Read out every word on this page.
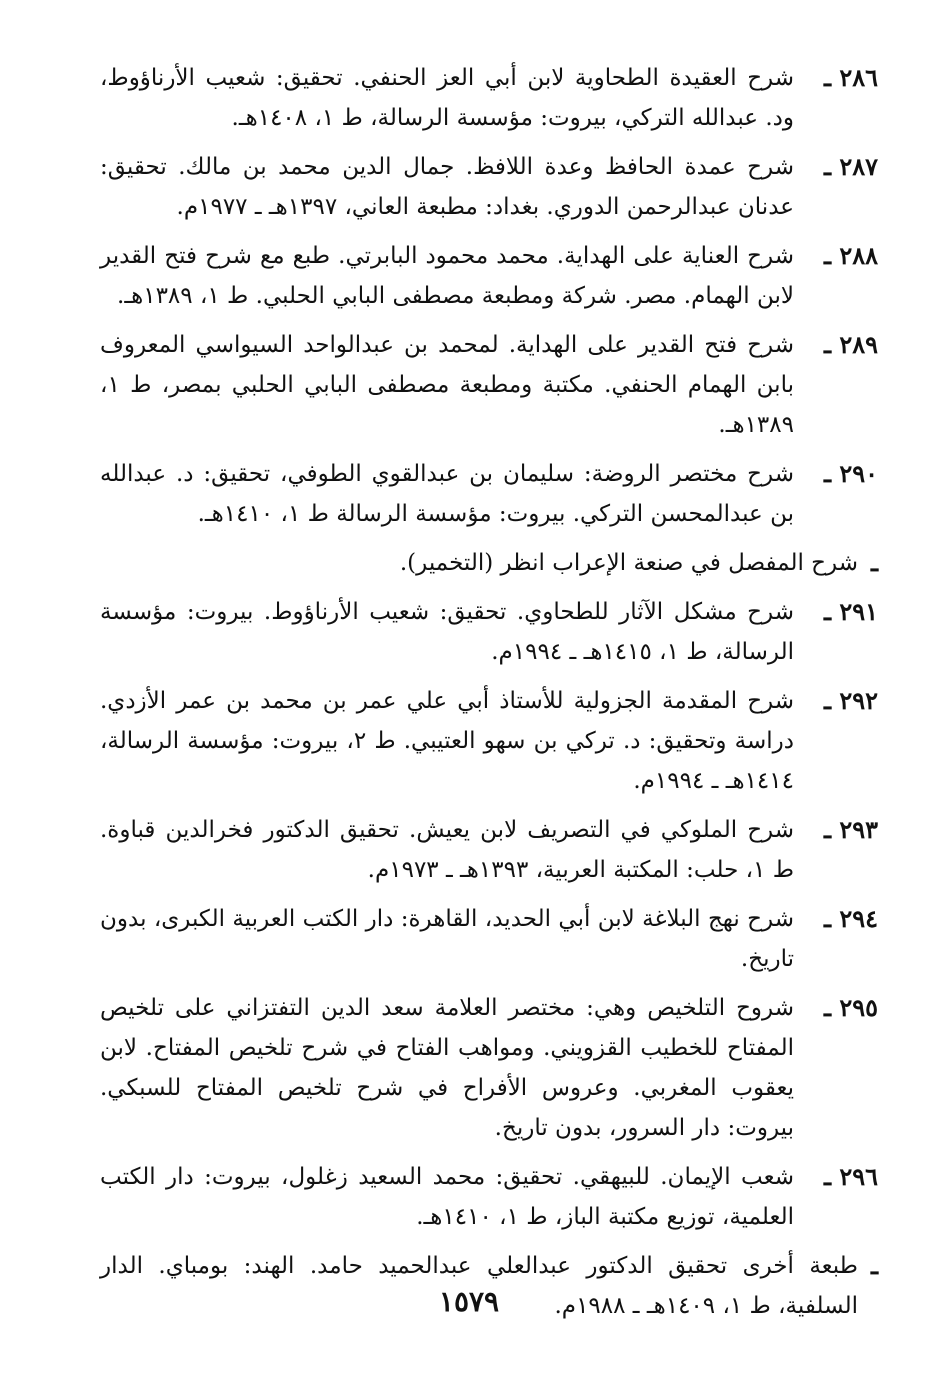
٢٨٦ ـ
شرح العقيدة الطحاوية لابن أبي العز الحنفي. تحقيق: شعيب الأرناؤوط، ود. عبدالله التركي، بيروت: مؤسسة الرسالة، ط ١، ١٤٠٨هـ.
٢٨٧ ـ
شرح عمدة الحافظ وعدة اللافظ. جمال الدين محمد بن مالك. تحقيق: عدنان عبدالرحمن الدوري. بغداد: مطبعة العاني، ١٣٩٧هـ ـ ١٩٧٧م.
٢٨٨ ـ
شرح العناية على الهداية. محمد محمود البابرتي. طبع مع شرح فتح القدير لابن الهمام. مصر. شركة ومطبعة مصطفى البابي الحلبي. ط ١، ١٣٨٩هـ.
٢٨٩ ـ
شرح فتح القدير على الهداية. لمحمد بن عبدالواحد السيواسي المعروف بابن الهمام الحنفي. مكتبة ومطبعة مصطفى البابي الحلبي بمصر، ط ١، ١٣٨٩هـ.
٢٩٠ ـ
شرح مختصر الروضة: سليمان بن عبدالقوي الطوفي، تحقيق: د. عبدالله بن عبدالمحسن التركي. بيروت: مؤسسة الرسالة ط ١، ١٤١٠هـ.
ـ
شرح المفصل في صنعة الإعراب انظر (التخمير).
٢٩١ ـ
شرح مشكل الآثار للطحاوي. تحقيق: شعيب الأرناؤوط. بيروت: مؤسسة الرسالة، ط ١، ١٤١٥هـ ـ ١٩٩٤م.
٢٩٢ ـ
شرح المقدمة الجزولية للأستاذ أبي علي عمر بن محمد بن عمر الأزدي. دراسة وتحقيق: د. تركي بن سهو العتيبي. ط ٢، بيروت: مؤسسة الرسالة، ١٤١٤هـ ـ ١٩٩٤م.
٢٩٣ ـ
شرح الملوكي في التصريف لابن يعيش. تحقيق الدكتور فخرالدين قباوة. ط ١، حلب: المكتبة العربية، ١٣٩٣هـ ـ ١٩٧٣م.
٢٩٤ ـ
شرح نهج البلاغة لابن أبي الحديد، القاهرة: دار الكتب العربية الكبرى، بدون تاريخ.
٢٩٥ ـ
شروح التلخيص وهي: مختصر العلامة سعد الدين التفتزاني على تلخيص المفتاح للخطيب القزويني. ومواهب الفتاح في شرح تلخيص المفتاح. لابن يعقوب المغربي. وعروس الأفراح في شرح تلخيص المفتاح للسبكي. بيروت: دار السرور، بدون تاريخ.
٢٩٦ ـ
شعب الإيمان. للبيهقي. تحقيق: محمد السعيد زغلول، بيروت: دار الكتب العلمية، توزيع مكتبة الباز، ط ١، ١٤١٠هـ.
ـ
طبعة أخرى تحقيق الدكتور عبدالعلي عبدالحميد حامد. الهند: بومباي. الدار السلفية، ط ١، ١٤٠٩هـ ـ ١٩٨٨م.
١٥٧٩
